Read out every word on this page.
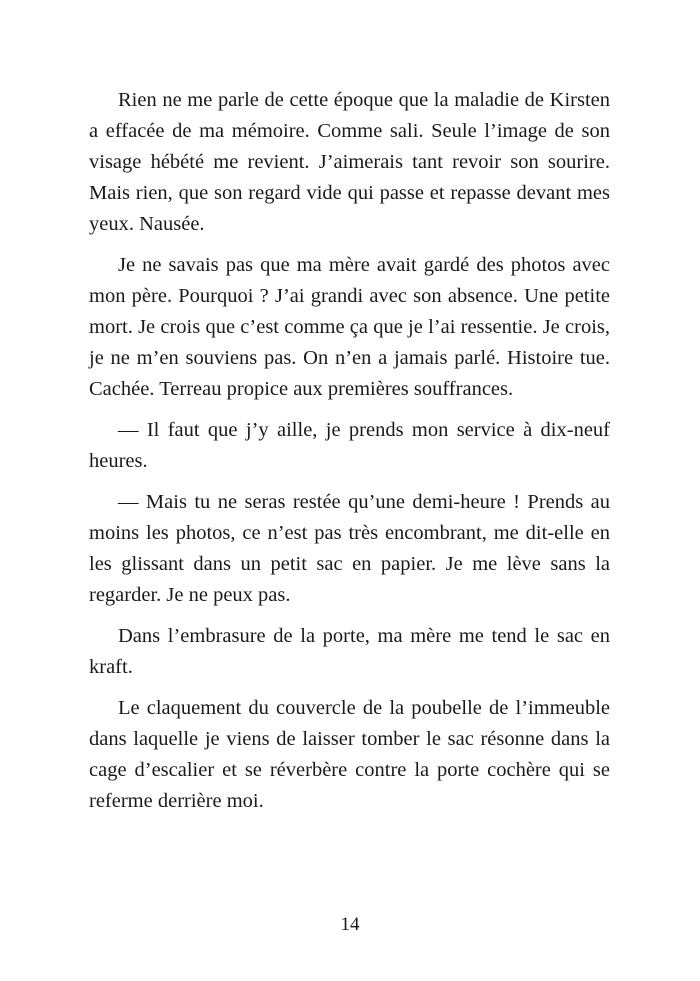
Rien ne me parle de cette époque que la maladie de Kirsten a effacée de ma mémoire. Comme sali. Seule l’image de son visage hébété me revient. J’aimerais tant revoir son sourire. Mais rien, que son regard vide qui passe et repasse devant mes yeux. Nausée.

Je ne savais pas que ma mère avait gardé des photos avec mon père. Pourquoi ? J’ai grandi avec son absence. Une petite mort. Je crois que c’est comme ça que je l’ai ressentie. Je crois, je ne m’en souviens pas. On n’en a jamais parlé. Histoire tue. Cachée. Terreau propice aux premières souffrances.

— Il faut que j’y aille, je prends mon service à dix-neuf heures.

— Mais tu ne seras restée qu’une demi-heure ! Prends au moins les photos, ce n’est pas très encombrant, me dit-elle en les glissant dans un petit sac en papier. Je me lève sans la regarder. Je ne peux pas.

Dans l’embrasure de la porte, ma mère me tend le sac en kraft.

Le claquement du couvercle de la poubelle de l’immeuble dans laquelle je viens de laisser tomber le sac résonne dans la cage d’escalier et se réverbère contre la porte cochère qui se referme derrière moi.

14
